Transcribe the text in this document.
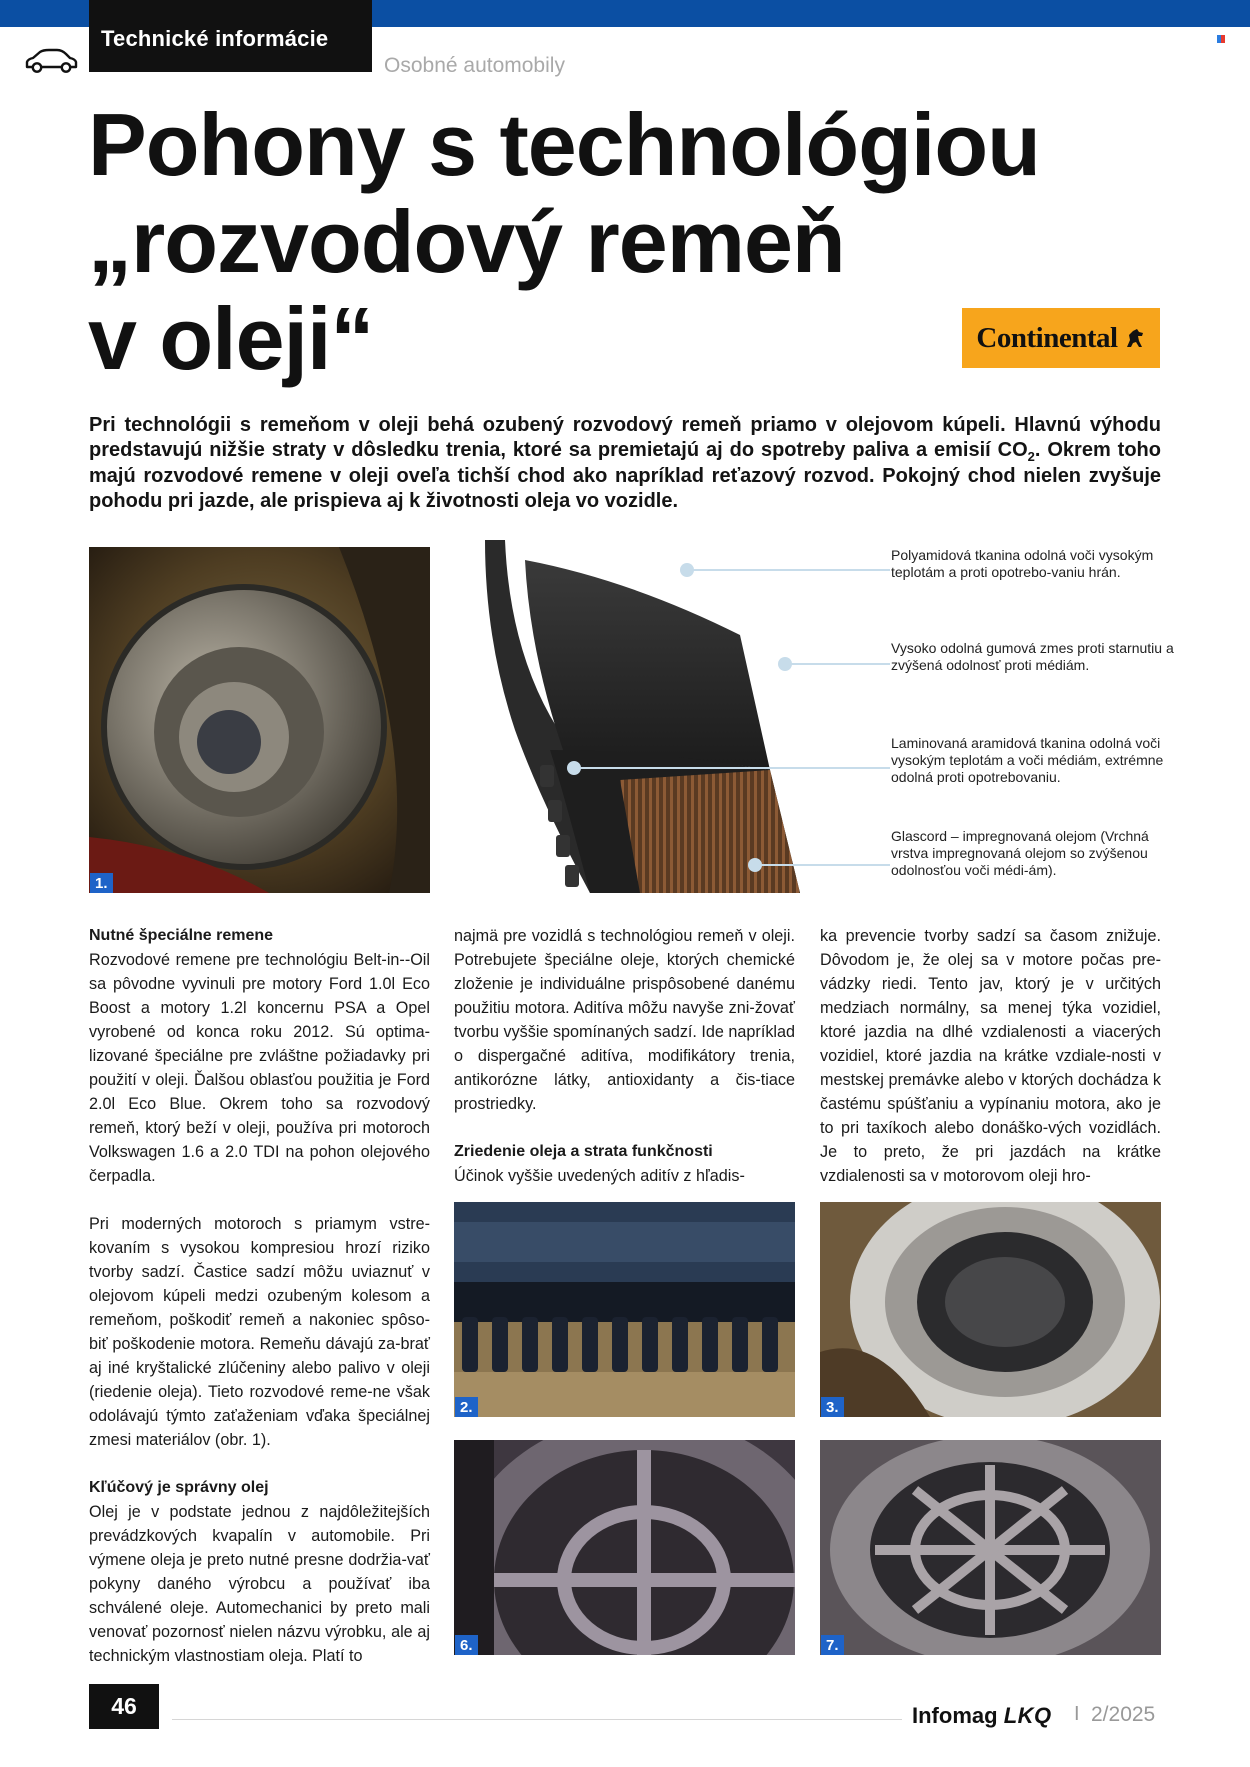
Technické informácie
Osobné automobily
Pohony s technológiou
„rozvodový remeň
v oleji“	Continental

Pri technológii s remeňom v oleji behá ozubený rozvodový remeň priamo v olejovom kúpeli. Hlavnú výhodu predstavujú nižšie straty v dôsledku trenia, ktoré sa premietajú aj do spotreby paliva a emisií $CO_2$. Okrem toho majú rozvodové remene v oleji oveľa tichší chod ako napríklad reťazový rozvod. Pokojný chod nielen zvyšuje pohodu pri jazde, ale prispieva aj k životnosti oleja vo vozidle.

1.
Polyamidová tkanina odolná voči vysokým teplotám a proti opotrebo-vaniu hrán.
Vysoko odolná gumová zmes proti starnutiu a zvýšená odolnosť proti médiám.
Laminovaná aramidová tkanina odolná voči vysokým teplotám a voči médiám, extrémne odolná proti opotrebovaniu.
Glascord – impregnovaná olejom (Vrchná vrstva impregnovaná olejom so zvýšenou odolnosťou voči médi-ám).
Nutné špeciálne remene

Rozvodové remene pre technológiu Belt-in--Oil sa pôvodne vyvinuli pre motory Ford 1.0l Eco Boost a motory 1.2l koncernu PSA a Opel vyrobené od konca roku 2012. Sú optima-lizované špeciálne pre zvláštne požiadavky pri použití v oleji. Ďalšou oblasťou použitia je Ford 2.0l Eco Blue. Okrem toho sa rozvodový remeň, ktorý beží v oleji, používa pri motoroch Volkswagen 1.6 a 2.0 TDI na pohon olejového čerpadla.

Pri moderných motoroch s priamym vstre-kovaním s vysokou kompresiou hrozí riziko tvorby sadzí. Častice sadzí môžu uviaznuť v olejovom kúpeli medzi ozubeným kolesom a remeňom, poškodiť remeň a nakoniec spôso-biť poškodenie motora. Remeňu dávajú za-brať aj iné kryštalické zlúčeniny alebo palivo v oleji (riedenie oleja). Tieto rozvodové reme-ne však odolávajú týmto zaťaženiam vďaka špeciálnej zmesi materiálov (obr. 1).

Kľúčový je správny olej

Olej je v podstate jednou z najdôležitejších prevádzkových kvapalín v automobile. Pri výmene oleja je preto nutné presne dodržia-vať pokyny daného výrobcu a používať iba schválené oleje. Automechanici by preto mali venovať pozornosť nielen názvu výrobku, ale aj technickým vlastnostiam oleja. Platí to

najmä pre vozidlá s technológiou remeň v oleji. Potrebujete špeciálne oleje, ktorých chemické zloženie je individuálne prispôsobené danému použitiu motora. Aditíva môžu navyše zni-žovať tvorbu vyššie spomínaných sadzí. Ide napríklad o dispergačné aditíva, modifikátory trenia, antikorózne látky, antioxidanty a čis-tiace prostriedky.

Zriedenie oleja a strata funkčnosti

Účinok vyššie uvedených aditív z hľadis-

ka prevencie tvorby sadzí sa časom znižuje. Dôvodom je, že olej sa v motore počas pre-vádzky riedi. Tento jav, ktorý je v určitých medziach normálny, sa menej týka vozidiel, ktoré jazdia na dlhé vzdialenosti a viacerých vozidiel, ktoré jazdia na krátke vzdiale-nosti v mestskej premávke alebo v ktorých dochádza k častému spúšťaniu a vypínaniu motora, ako je to pri taxíkoch alebo donáško-vých vozidlách. Je to preto, že pri jazdách na krátke vzdialenosti sa v motorovom oleji hro-

2.	3.
6.	7.
46	Infomag LKQ I 2/2025
